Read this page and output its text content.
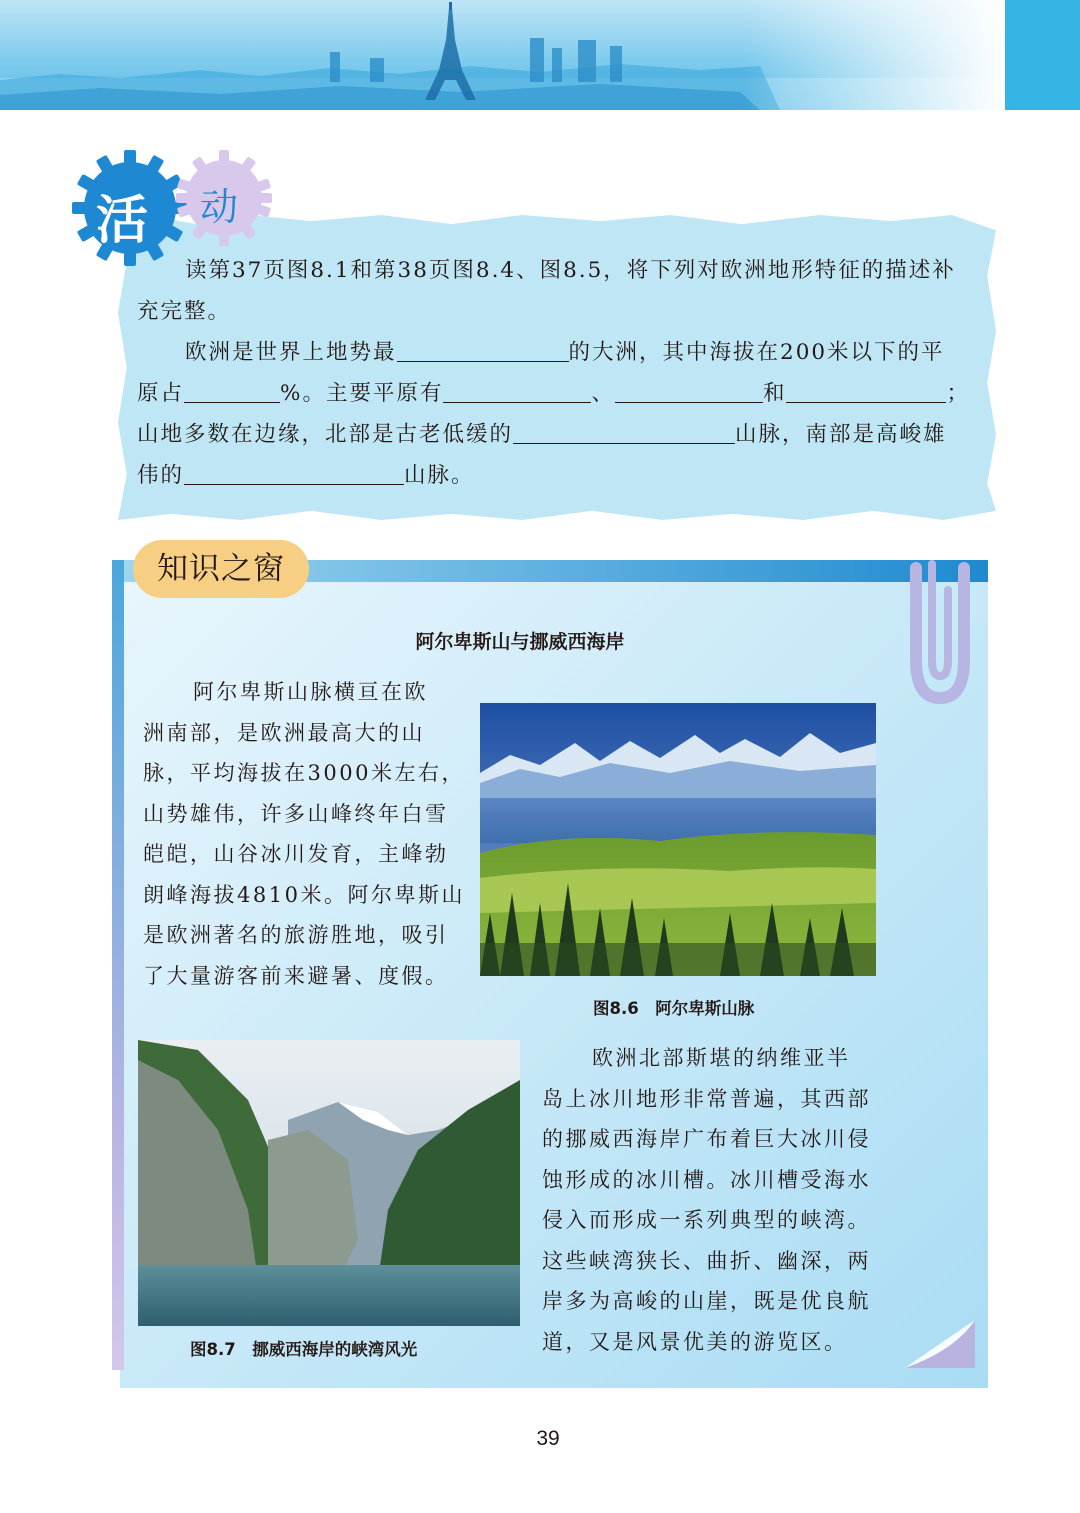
活 动

读第37页图8.1和第38页图8.4、图8.5，将下列对欧洲地形特征的描述补
充完整。

欧洲是世界上地势最	的大洲，其中海拔在200米以下的平
原占	%。主要平原有	、	和	；
山地多数在边缘，北部是古老低缓的	山脉，南部是高峻雄
伟的	山脉。

知识之窗
阿尔卑斯山与挪威西海岸
阿尔卑斯山脉横亘在欧
洲南部，是欧洲最高大的山
脉，平均海拔在3000米左右，
山势雄伟，许多山峰终年白雪
皑皑，山谷冰川发育，主峰勃
朗峰海拔4810米。阿尔卑斯山
是欧洲著名的旅游胜地，吸引
了大量游客前来避暑、度假。
图8.6　阿尔卑斯山脉
图8.7　挪威西海岸的峡湾风光
欧洲北部斯堪的纳维亚半
岛上冰川地形非常普遍，其西部
的挪威西海岸广布着巨大冰川侵
蚀形成的冰川槽。冰川槽受海水
侵入而形成一系列典型的峡湾。
这些峡湾狭长、曲折、幽深，两
岸多为高峻的山崖，既是优良航
道，又是风景优美的游览区。
39
